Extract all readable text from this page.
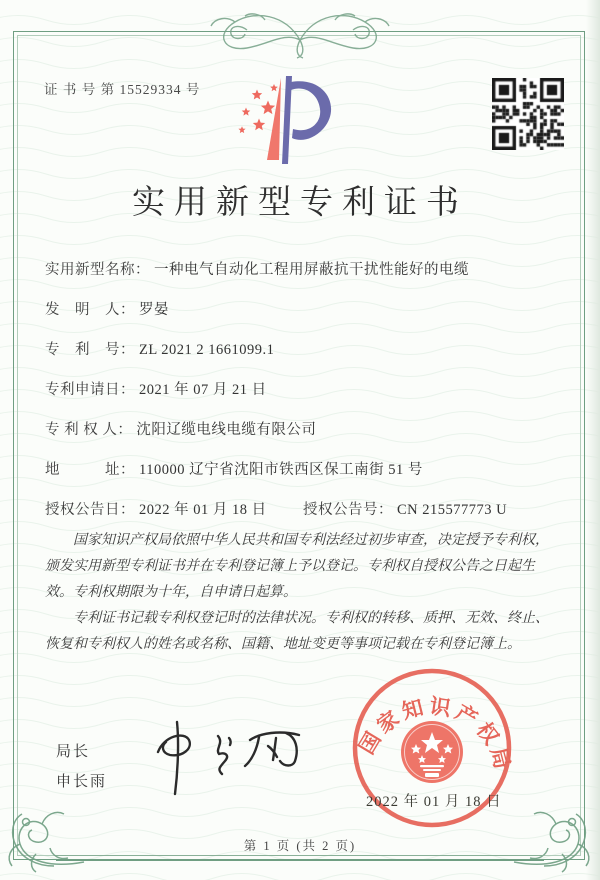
证 书 号 第 15529334 号
实用新型专利证书
实用新型名称： 一种电气自动化工程用屏蔽抗干扰性能好的电缆
发　明　人： 罗晏
专　利　号： ZL 2021 2 1661099.1
专利申请日： 2021 年 07 月 21 日
专 利 权 人： 沈阳辽缆电线电缆有限公司
地　　　址： 110000 辽宁省沈阳市铁西区保工南街 51 号
授权公告日： 2022 年 01 月 18 日	授权公告号： CN 215577773 U

国家知识产权局依照中华人民共和国专利法经过初步审查，决定授予专利权，颁发实用新型专利证书并在专利登记簿上予以登记。专利权自授权公告之日起生效。专利权期限为十年，自申请日起算。

专利证书记载专利权登记时的法律状况。专利权的转移、质押、无效、终止、恢复和专利权人的姓名或名称、国籍、地址变更等事项记载在专利登记簿上。

局长
申长雨
国家知识产权局
2022 年 01 月 18 日
第 1 页 (共 2 页)
